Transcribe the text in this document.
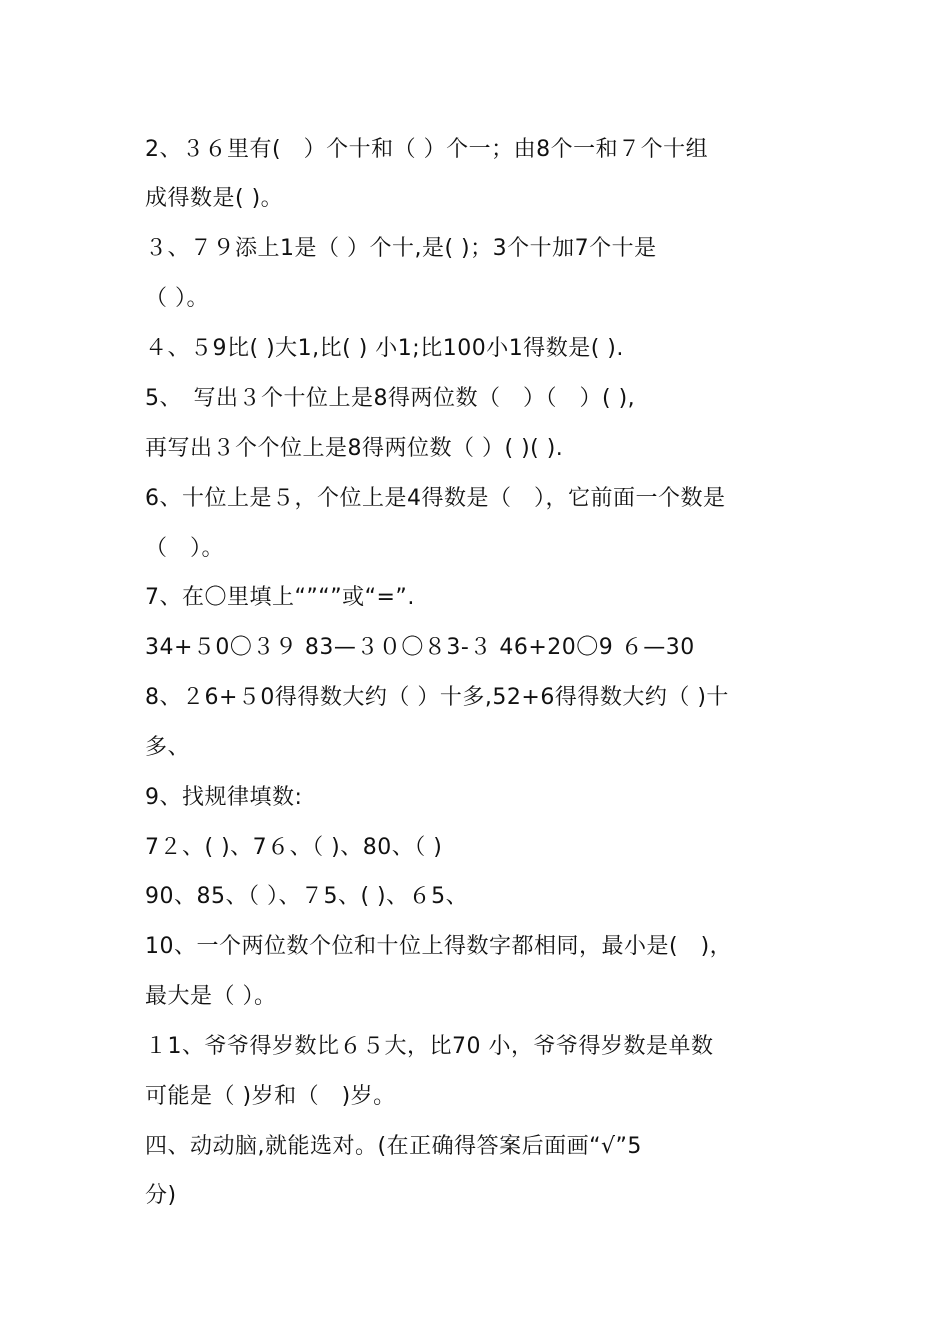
2、３６里有(　）个十和（ ）个一；由8个一和７个十组
成得数是( )。
３、７９添上1是（ ）个十,是( )；3个十加7个十是
（ ）。
４、５9比( )大1,比( ) 小1;比100小1得数是( ).
5、　写出３个十位上是8得两位数（　）（　）( ),
再写出３个个位上是8得两位数（ ）( )( ).
6、十位上是５，个位上是4得数是（　），它前面一个数是
（　）。
7、在〇里填上“”“”或“=”.
34+５0〇３９ 83—３０〇８3-３ 46+20〇9 ６—30
8、２6+５0得得数大约（ ）十多,52+6得得数大约（ )十
多、
9、找规律填数:
7２、( )、7６、（ )、80、（ )
90、85、（ ）、７5、( )、６5、
10、一个两位数个位和十位上得数字都相同，最小是(　)，
最大是（ ）。
１1、爷爷得岁数比６５大，比70 小，爷爷得岁数是单数
可能是（ )岁和（　)岁。
四、动动脑,就能选对。(在正确得答案后面画“√”5
分)
